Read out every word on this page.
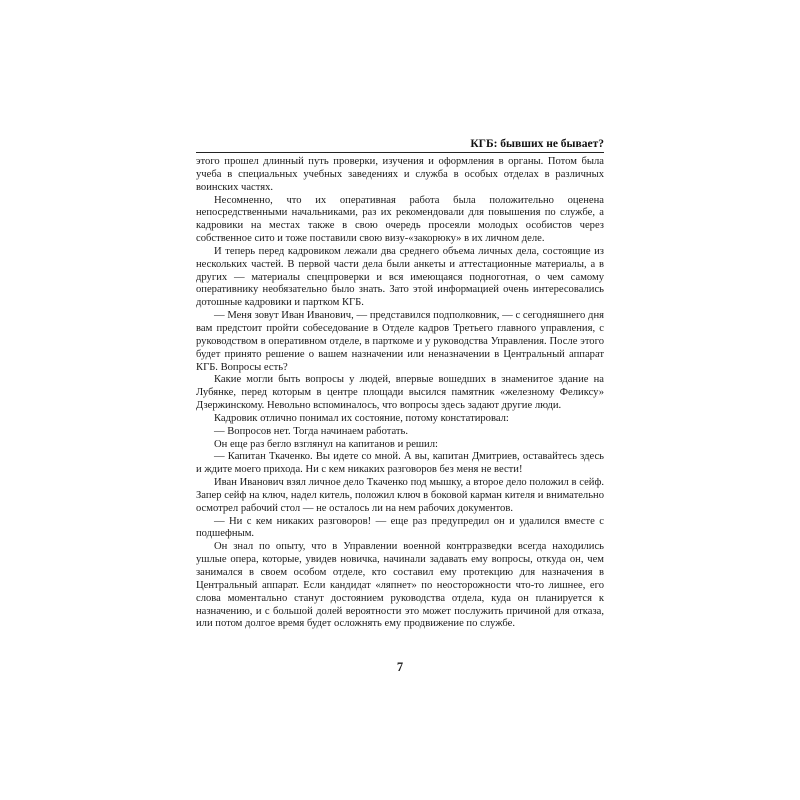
КГБ: бывших не бывает?

этого прошел длинный путь проверки, изучения и оформления в органы. Потом была учеба в специальных учебных заведениях и служба в особых отделах в различных воинских частях.

Несомненно, что их оперативная работа была положительно оценена непосредственными начальниками, раз их рекомендовали для повышения по службе, а кадровики на местах также в свою очередь просеяли молодых особистов через собственное сито и тоже поставили свою визу-«закорюку» в их личном деле.

И теперь перед кадровиком лежали два среднего объема личных дела, состоящие из нескольких частей. В первой части дела были анкеты и аттестационные материалы, а в других — материалы спецпроверки и вся имеющаяся подноготная, о чем самому оперативнику необязательно было знать. Зато этой информацией очень интересовались дотошные кадровики и партком КГБ.

— Меня зовут Иван Иванович, — представился подполковник, — с сегодняшнего дня вам предстоит пройти собеседование в Отделе кадров Третьего главного управления, с руководством в оперативном отделе, в парткоме и у руководства Управления. После этого будет принято решение о вашем назначении или неназначении в Центральный аппарат КГБ. Вопросы есть?

Какие могли быть вопросы у людей, впервые вошедших в знаменитое здание на Лубянке, перед которым в центре площади высился памятник «железному Феликсу» Дзержинскому. Невольно вспоминалось, что вопросы здесь задают другие люди.

Кадровик отлично понимал их состояние, потому констатировал:

— Вопросов нет. Тогда начинаем работать.

Он еще раз бегло взглянул на капитанов и решил:

— Капитан Ткаченко. Вы идете со мной. А вы, капитан Дмитриев, оставайтесь здесь и ждите моего прихода. Ни с кем никаких разговоров без меня не вести!

Иван Иванович взял личное дело Ткаченко под мышку, а второе дело положил в сейф. Запер сейф на ключ, надел китель, положил ключ в боковой карман кителя и внимательно осмотрел рабочий стол — не осталось ли на нем рабочих документов.

— Ни с кем никаких разговоров! — еще раз предупредил он и удалился вместе с подшефным.

Он знал по опыту, что в Управлении военной контрразведки всегда находились ушлые опера, которые, увидев новичка, начинали задавать ему вопросы, откуда он, чем занимался в своем особом отделе, кто составил ему протекцию для назначения в Центральный аппарат. Если кандидат «ляпнет» по неосторожности что-то лишнее, его слова моментально станут достоянием руководства отдела, куда он планируется к назначению, и с большой долей вероятности это может послужить причиной для отказа, или потом долгое время будет осложнять ему продвижение по службе.

7
